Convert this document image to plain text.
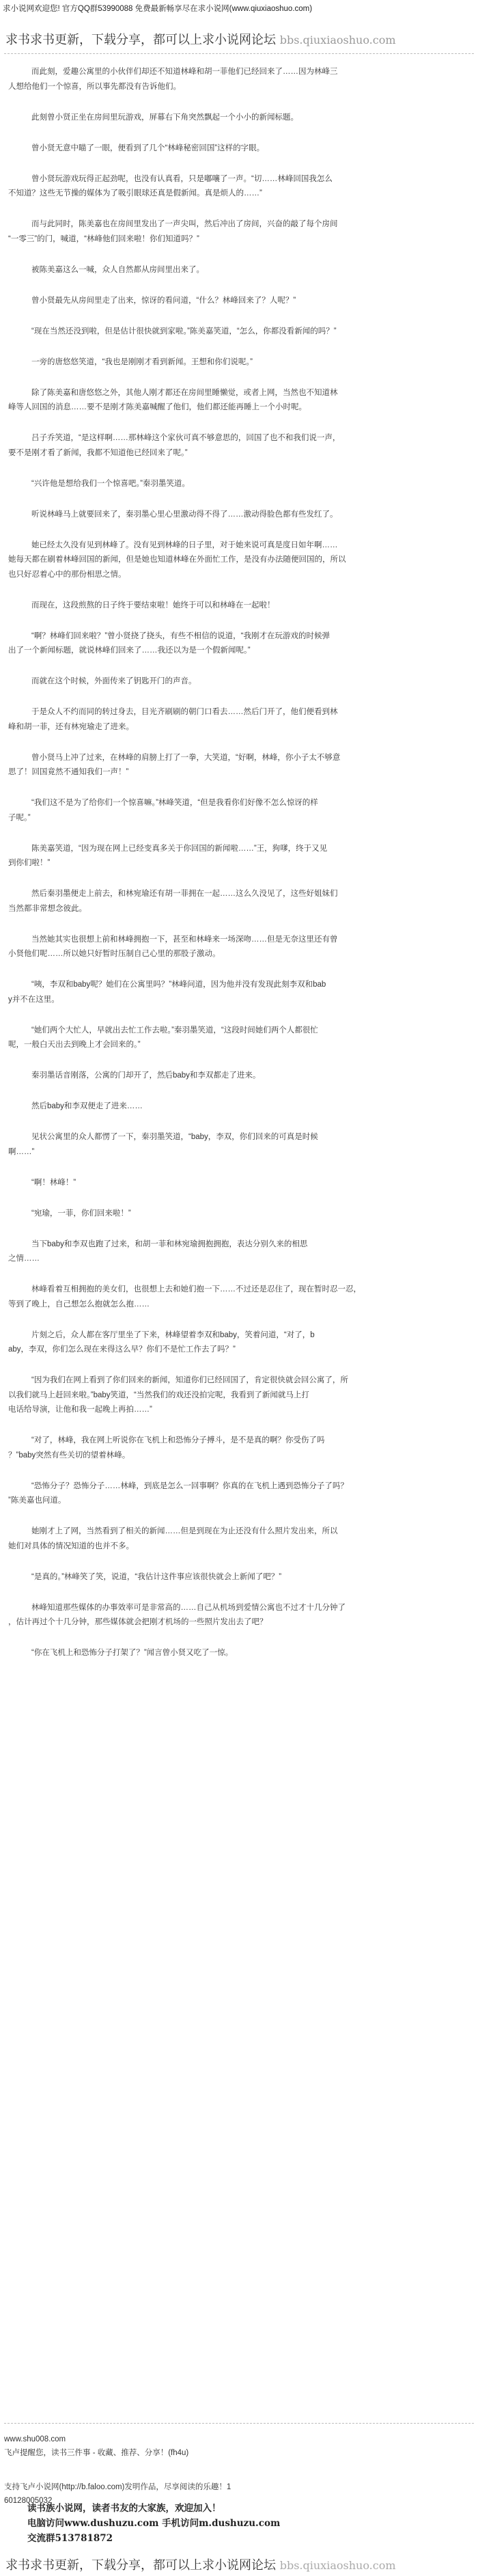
求小说网欢迎您! 官方QQ群53990088 免费最新畅享尽在求小说网(www.qiuxiaoshuo.com)
求书求书更新，下载分享，都可以上求小说网论坛 bbs.qiuxiaoshuo.com
而此刻，爱趣公寓里的小伙伴们却还不知道林峰和胡一菲他们已经回来了……因为林峰三
人想给他们一个惊喜，所以事先都没有告诉他们。
此刻曾小贤正坐在房间里玩游戏，屏幕右下角突然飘起一个小小的新闻标题。
曾小贤无意中瞄了一眼，便看到了几个“林峰秘密回国”这样的字眼。
曾小贤玩游戏玩得正起劲呢，也没有认真看，只是嘟嚷了一声。“切……林峰回国我怎么
不知道？这些无节操的媒体为了吸引眼球还真是假新闻。真是烦人的……”
而与此同时，陈美嘉也在房间里发出了一声尖叫，然后冲出了房间，兴奋的敲了每个房间
“一零三”的门，喊道，“林峰他们回来啦！你们知道吗？”
被陈美嘉这么一喊，众人自然都从房间里出来了。
曾小贤最先从房间里走了出来，惊讶的看问道，“什么？林峰回来了？人呢？”
“现在当然还没到啦，但是估计很快就到家啦。”陈美嘉笑道，“怎么，你都没看新闻的吗？”
一旁的唐悠悠笑道，“我也是刚刚才看到新闻。王想和你们说呢。”
除了陈美嘉和唐悠悠之外，其他人刚才都还在房间里睡懒觉，或者上网，当然也不知道林
峰等人回国的消息……要不是刚才陈美嘉喊醒了他们，他们都还能再睡上一个小时呢。
吕子乔笑道，“是这样啊……那林峰这个家伙可真不够意思的，回国了也不和我们说一声，
要不是刚才看了新闻，我都不知道他已经回来了呢。”
“兴许他是想给我们一个惊喜吧。”秦羽墨笑道。
听说林峰马上就要回来了，秦羽墨心里心里激动得不得了……激动得脸色都有些发红了。
她已经太久没有见到林峰了。没有见到林峰的日子里，对于她来说可真是度日如年啊……
她每天都在刷着林峰回国的新闻，但是她也知道林峰在外面忙工作，是没有办法随便回国的，所以
也只好忍着心中的那份相思之情。
而现在，这段煎熬的日子终于要结束啦！她终于可以和林峰在一起啦！
“啊？林峰们回来啦？”曾小贤挠了挠头，有些不相信的说道，“我刚才在玩游戏的时候弹
出了一个新闻标题，就说林峰们回来了……我还以为是一个假新闻呢。”
而就在这个时候，外面传来了钥匙开门的声音。
于是众人不约而同的转过身去，目光齐刷刷的朝门口看去……然后门开了，他们便看到林
峰和胡一菲，还有林宛瑜走了进来。
曾小贤马上冲了过来，在林峰的肩膀上打了一拳，大笑道，“好啊，林峰，你小子太不够意
思了！回国竟然不通知我们一声！”
“我们这不是为了给你们一个惊喜嘛。”林峰笑道，“但是我看你们好像不怎么惊讶的样
子呢。”
陈美嘉笑道，“因为现在网上已经变真多关于你回国的新闻啦……”王，狗嗲，终于又见
到你们啦！”
然后秦羽墨便走上前去，和林宛瑜还有胡一菲拥在一起……这么久没见了，这些好姐妹们
当然都非常想念彼此。
当然她其实也很想上前和林峰拥抱一下，甚至和林峰来一场深吻……但是无奈这里还有曾
小贤他们呢……所以她只好暂时压制自己心里的那股子激动。
“咦，李双和baby呢？她们在公寓里吗？”林峰问道，因为他并没有发现此刻李双和bab
y并不在这里。
“她们两个大忙人，早就出去忙工作去啦。”秦羽墨笑道，“这段时间她们两个人都很忙
呢，一般白天出去到晚上才会回来的。”
秦羽墨话音刚落，公寓的门却开了，然后baby和李双都走了进来。
然后baby和李双便走了进来……
见状公寓里的众人都愣了一下，秦羽墨笑道，“baby，李双，你们回来的可真是时候
啊……”
“啊！林峰！”
“宛瑜，一菲，你们回来啦！”
当下baby和李双也跑了过来，和胡一菲和林宛瑜拥抱拥抱，表达分别久来的相思
之情……
林峰看着互相拥抱的美女们，也很想上去和她们抱一下……不过还是忍住了，现在暂时忍一忍，
等到了晚上，自己想怎么抱就怎么抱……
片刻之后，众人都在客厅里坐了下来，林峰望着李双和baby，笑着问道，“对了，b
aby，李双，你们怎么现在来得这么早？你们不是忙工作去了吗？”
“因为我们在网上看到了你们回来的新闻，知道你们已经回国了，肯定很快就会回公寓了，所
以我们就马上赶回来啦。”baby笑道，“当然我们的戏还没拍完呢，我看到了新闻就马上打
电话给导演，让他和我一起晚上再拍……”
“对了，林峰，我在网上听说你在飞机上和恐怖分子搏斗，是不是真的啊？你受伤了吗
？”baby突然有些关切的望着林峰。
“恐怖分子？恐怖分子……林峰，到底是怎么一回事啊？你真的在飞机上遇到恐怖分子了吗？
”陈美嘉也问道。
她刚才上了网，当然看到了相关的新闻……但是到现在为止还没有什么照片发出来，所以
她们对具体的情况知道的也并不多。
“是真的。”林峰笑了笑，说道，“我估计这件事应该很快就会上新闻了吧？”
林峰知道那些媒体的办事效率可是非常高的……自己从机场到爱情公寓也不过才十几分钟了
，估计再过个十几分钟，那些媒体就会把刚才机场的一些照片发出去了吧？
“你在飞机上和恐怖分子打架了？”闻言曾小贤又吃了一惊。
www.shu008.com
飞卢提醒您，读书三件事 - 收藏、推荐、分享！(fh4u)
支持飞卢小说网(http://b.faloo.com)发明作品，尽享阅读的乐趣！1
60128005032
读书族小说网，读者书友的大家族，欢迎加入！
电脑访问www.dushuzu.com 手机访问m.dushuzu.com
交流群513781872
求书求书更新，下载分享，都可以上求小说网论坛 bbs.qiuxiaoshuo.com
